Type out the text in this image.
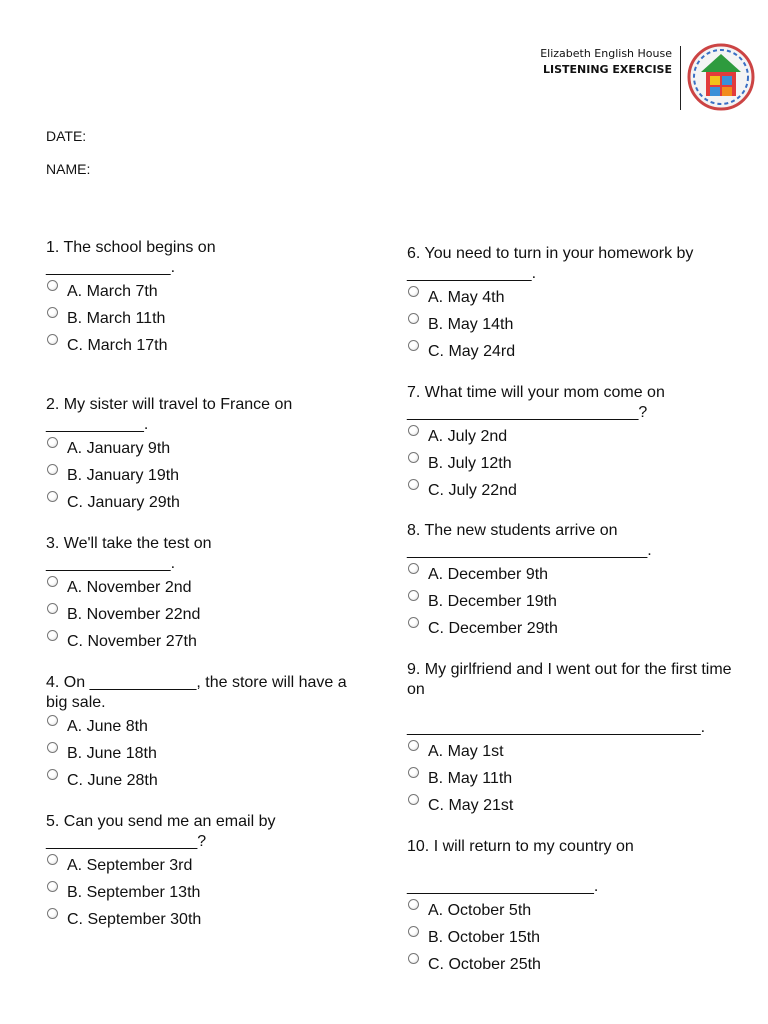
Elizabeth English House
LISTENING EXERCISE
DATE:
NAME:
1. The school begins on
______________.
A. March 7th
B. March 11th
C. March 17th
2. My sister will travel to France on
___________.
A. January 9th
B. January 19th
C. January 29th
3. We'll take the test on
______________.
A. November 2nd
B. November 22nd
C. November 27th
4. On ____________, the store will have a big sale.
A. June 8th
B. June 18th
C. June 28th
5. Can you send me an email by
_________________?
A. September 3rd
B. September 13th
C. September 30th
6. You need to turn in your homework by
______________.
A. May 4th
B. May 14th
C. May 24rd
7. What time will your mom come on
__________________________?
A. July 2nd
B. July 12th
C. July 22nd
8. The new students arrive on
___________________________.
A. December 9th
B. December 19th
C. December 29th
9. My girlfriend and I went out for the first time on
_________________________________.
A. May 1st
B. May 11th
C. May 21st
10. I will return to my country on
_____________________.
A. October 5th
B. October 15th
C. October 25th
